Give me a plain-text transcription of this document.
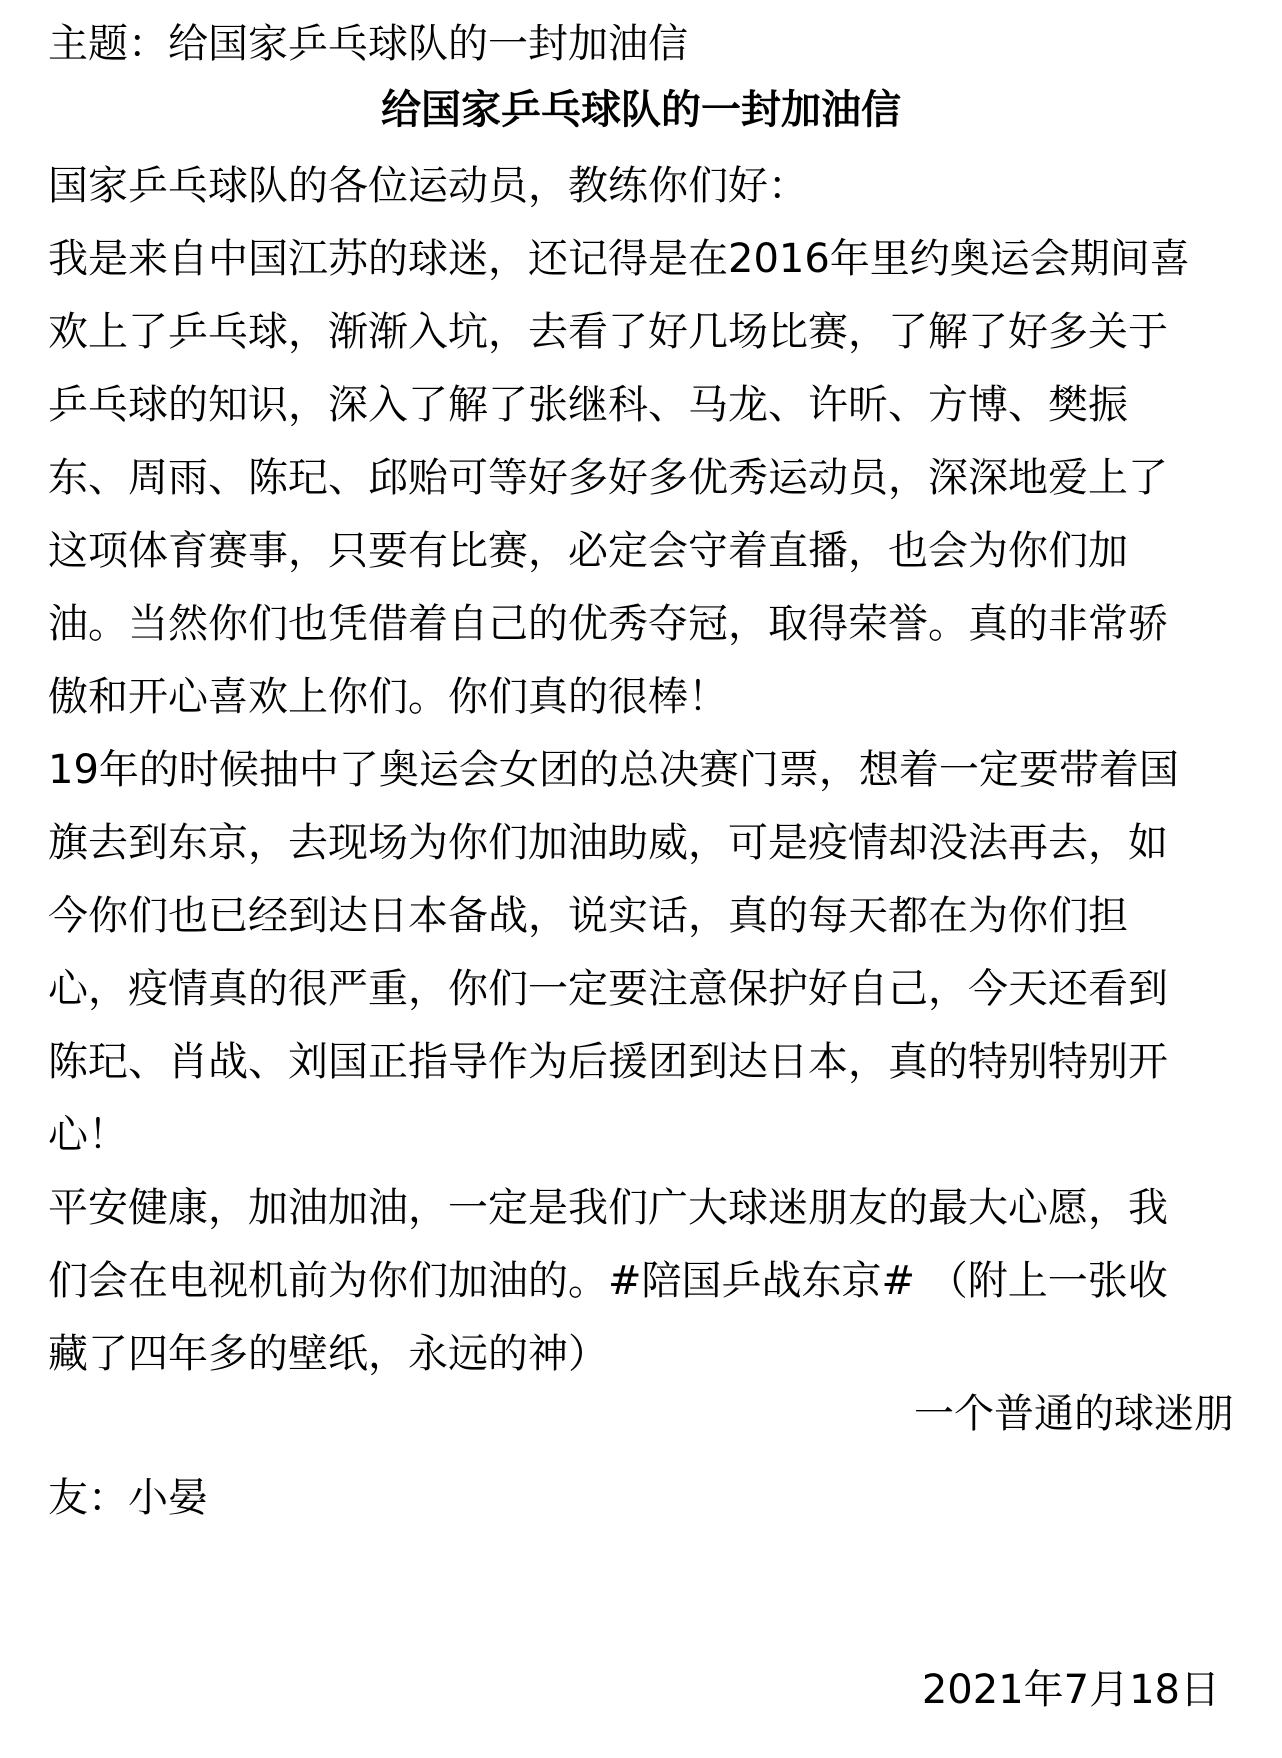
主题：给国家乒乓球队的一封加油信
给国家乒乓球队的一封加油信

国家乒乓球队的各位运动员，教练你们好：

我是来自中国江苏的球迷，还记得是在2016年里约奥运会期间喜
欢上了乒乓球，渐渐入坑，去看了好几场比赛，了解了好多关于
乒乓球的知识，深入了解了张继科、马龙、许昕、方博、樊振
东、周雨、陈玘、邱贻可等好多好多优秀运动员，深深地爱上了
这项体育赛事，只要有比赛，必定会守着直播，也会为你们加
油。当然你们也凭借着自己的优秀夺冠，取得荣誉。真的非常骄
傲和开心喜欢上你们。你们真的很棒！

19年的时候抽中了奥运会女团的总决赛门票，想着一定要带着国
旗去到东京，去现场为你们加油助威，可是疫情却没法再去，如
今你们也已经到达日本备战，说实话，真的每天都在为你们担
心，疫情真的很严重，你们一定要注意保护好自己，今天还看到
陈玘、肖战、刘国正指导作为后援团到达日本，真的特别特别开
心！

平安健康，加油加油，一定是我们广大球迷朋友的最大心愿，我
们会在电视机前为你们加油的。#陪国乒战东京# （附上一张收
藏了四年多的壁纸，永远的神）

一个普通的球迷朋
友：小晏
2021年7月18日
